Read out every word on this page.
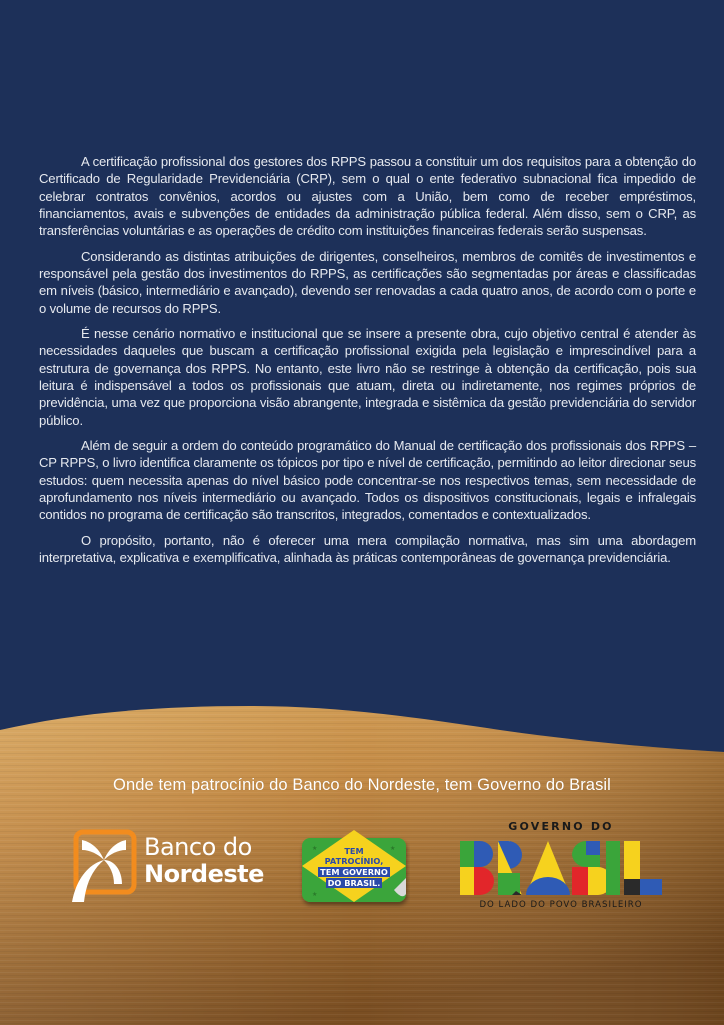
A certificação profissional dos gestores dos RPPS passou a constituir um dos requisitos para a obtenção do Certificado de Regularidade Previdenciária (CRP), sem o qual o ente federativo subnacional fica impedido de celebrar contratos convênios, acordos ou ajustes com a União, bem como de receber empréstimos, financiamentos, avais e subvenções de entidades da administração pública federal. Além disso, sem o CRP, as transferências voluntárias e as operações de crédito com instituições financeiras federais serão suspensas.

Considerando as distintas atribuições de dirigentes, conselheiros, membros de comitês de investimentos e responsável pela gestão dos investimentos do RPPS, as certificações são segmentadas por áreas e classificadas em níveis (básico, intermediário e avançado), devendo ser renovadas a cada quatro anos, de acordo com o porte e o volume de recursos do RPPS.

É nesse cenário normativo e institucional que se insere a presente obra, cujo objetivo central é atender às necessidades daqueles que buscam a certificação profissional exigida pela legislação e imprescindível para a estrutura de governança dos RPPS. No entanto, este livro não se restringe à obtenção da certificação, pois sua leitura é indispensável a todos os profissionais que atuam, direta ou indiretamente, nos regimes próprios de previdência, uma vez que proporciona visão abrangente, integrada e sistêmica da gestão previdenciária do servidor público.

Além de seguir a ordem do conteúdo programático do Manual de certificação dos profissionais dos RPPS – CP RPPS, o livro identifica claramente os tópicos por tipo e nível de certificação, permitindo ao leitor direcionar seus estudos: quem necessita apenas do nível básico pode concentrar-se nos respectivos temas, sem necessidade de aprofundamento nos níveis intermediário ou avançado. Todos os dispositivos constitucionais, legais e infralegais contidos no programa de certificação são transcritos, integrados, comentados e contextualizados.

O propósito, portanto, não é oferecer uma mera compilação normativa, mas sim uma abordagem interpretativa, explicativa e exemplificativa, alinhada às práticas contemporâneas de governança previdenciária.

Onde tem patrocínio do Banco do Nordeste, tem Governo do Brasil
Banco do
Nordeste
★	★
★
TEM
PATROCÍNIO,
TEM GOVERNO
DO BRASIL.
GOVERNO DO
DO LADO DO POVO BRASILEIRO
